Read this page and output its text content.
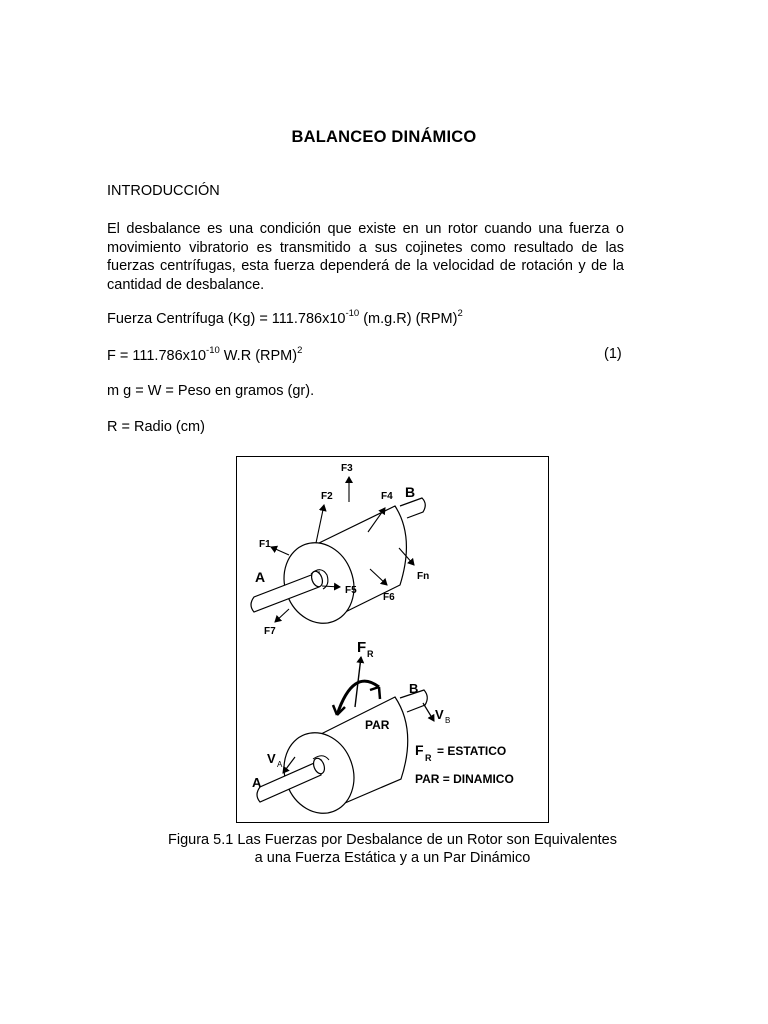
BALANCEO DINÁMICO
INTRODUCCIÓN

El desbalance es una condición que existe en un rotor cuando una fuerza o movimiento vibratorio es transmitido a sus cojinetes como resultado de las fuerzas centrífugas, esta fuerza dependerá de la velocidad de rotación y de la cantidad de desbalance.

Fuerza Centrífuga $(Kg) = 111.786x10^{-10}$ (m.g.R) (RPM)$^2$
$F = 111.786x10^{-10}$ W.R (RPM)$^2$	(1)
m g = W = Peso en gramos (gr).
R = Radio (cm)
F3
F2	F4 B
F1
Fn
A
F5
F6
F7
F R
B
PAR
V B
F R = ESTATICO
PAR = DINAMICO
V A
A
Figura 5.1 Las Fuerzas por Desbalance de un Rotor son Equivalentes
a una Fuerza Estática y a un Par Dinámico
